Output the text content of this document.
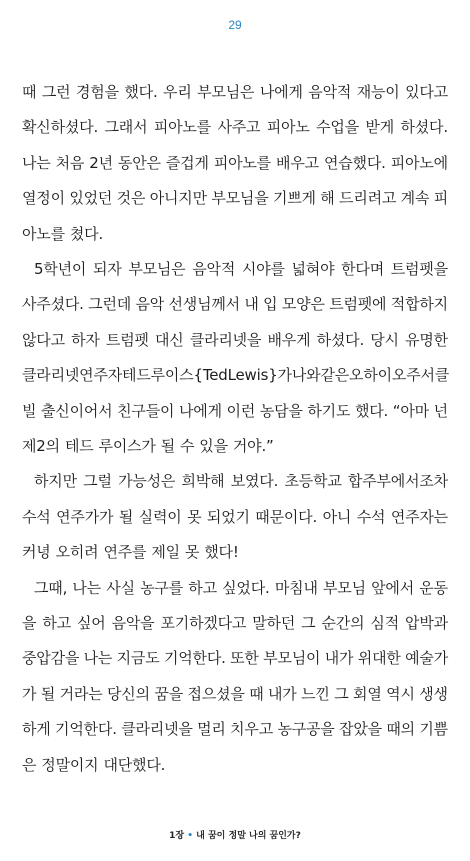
29
때 그런 경험을 했다. 우리 부모님은 나에게 음악적 재능이 있다고
확신하셨다. 그래서 피아노를 사주고 피아노 수업을 받게 하셨다.
나는 처음 2년 동안은 즐겁게 피아노를 배우고 연습했다. 피아노에
열정이 있었던 것은 아니지만 부모님을 기쁘게 해 드리려고 계속 피
아노를 쳤다.
5학년이 되자 부모님은 음악적 시야를 넓혀야 한다며 트럼펫을
사주셨다. 그런데 음악 선생님께서 내 입 모양은 트럼펫에 적합하지
않다고 하자 트럼펫 대신 클라리넷을 배우게 하셨다. 당시 유명한
클라리넷 연주자 테드 루이스{Ted Lewis}가 나와 같은 오하이오 주 서클
빌 출신이어서 친구들이 나에게 이런 농담을 하기도 했다. “아마 넌
제2의 테드 루이스가 될 수 있을 거야.”
하지만 그럴 가능성은 희박해 보였다. 초등학교 합주부에서조차
수석 연주가가 될 실력이 못 되었기 때문이다. 아니 수석 연주자는
커녕 오히려 연주를 제일 못 했다!
그때, 나는 사실 농구를 하고 싶었다. 마침내 부모님 앞에서 운동
을 하고 싶어 음악을 포기하겠다고 말하던 그 순간의 심적 압박과
중압감을 나는 지금도 기억한다. 또한 부모님이 내가 위대한 예술가
가 될 거라는 당신의 꿈을 접으셨을 때 내가 느낀 그 회열 역시 생생
하게 기억한다. 클라리넷을 멀리 치우고 농구공을 잡았을 때의 기쁨
은 정말이지 대단했다.
1장 • 내 꿈이 정말 나의 꿈인가?
